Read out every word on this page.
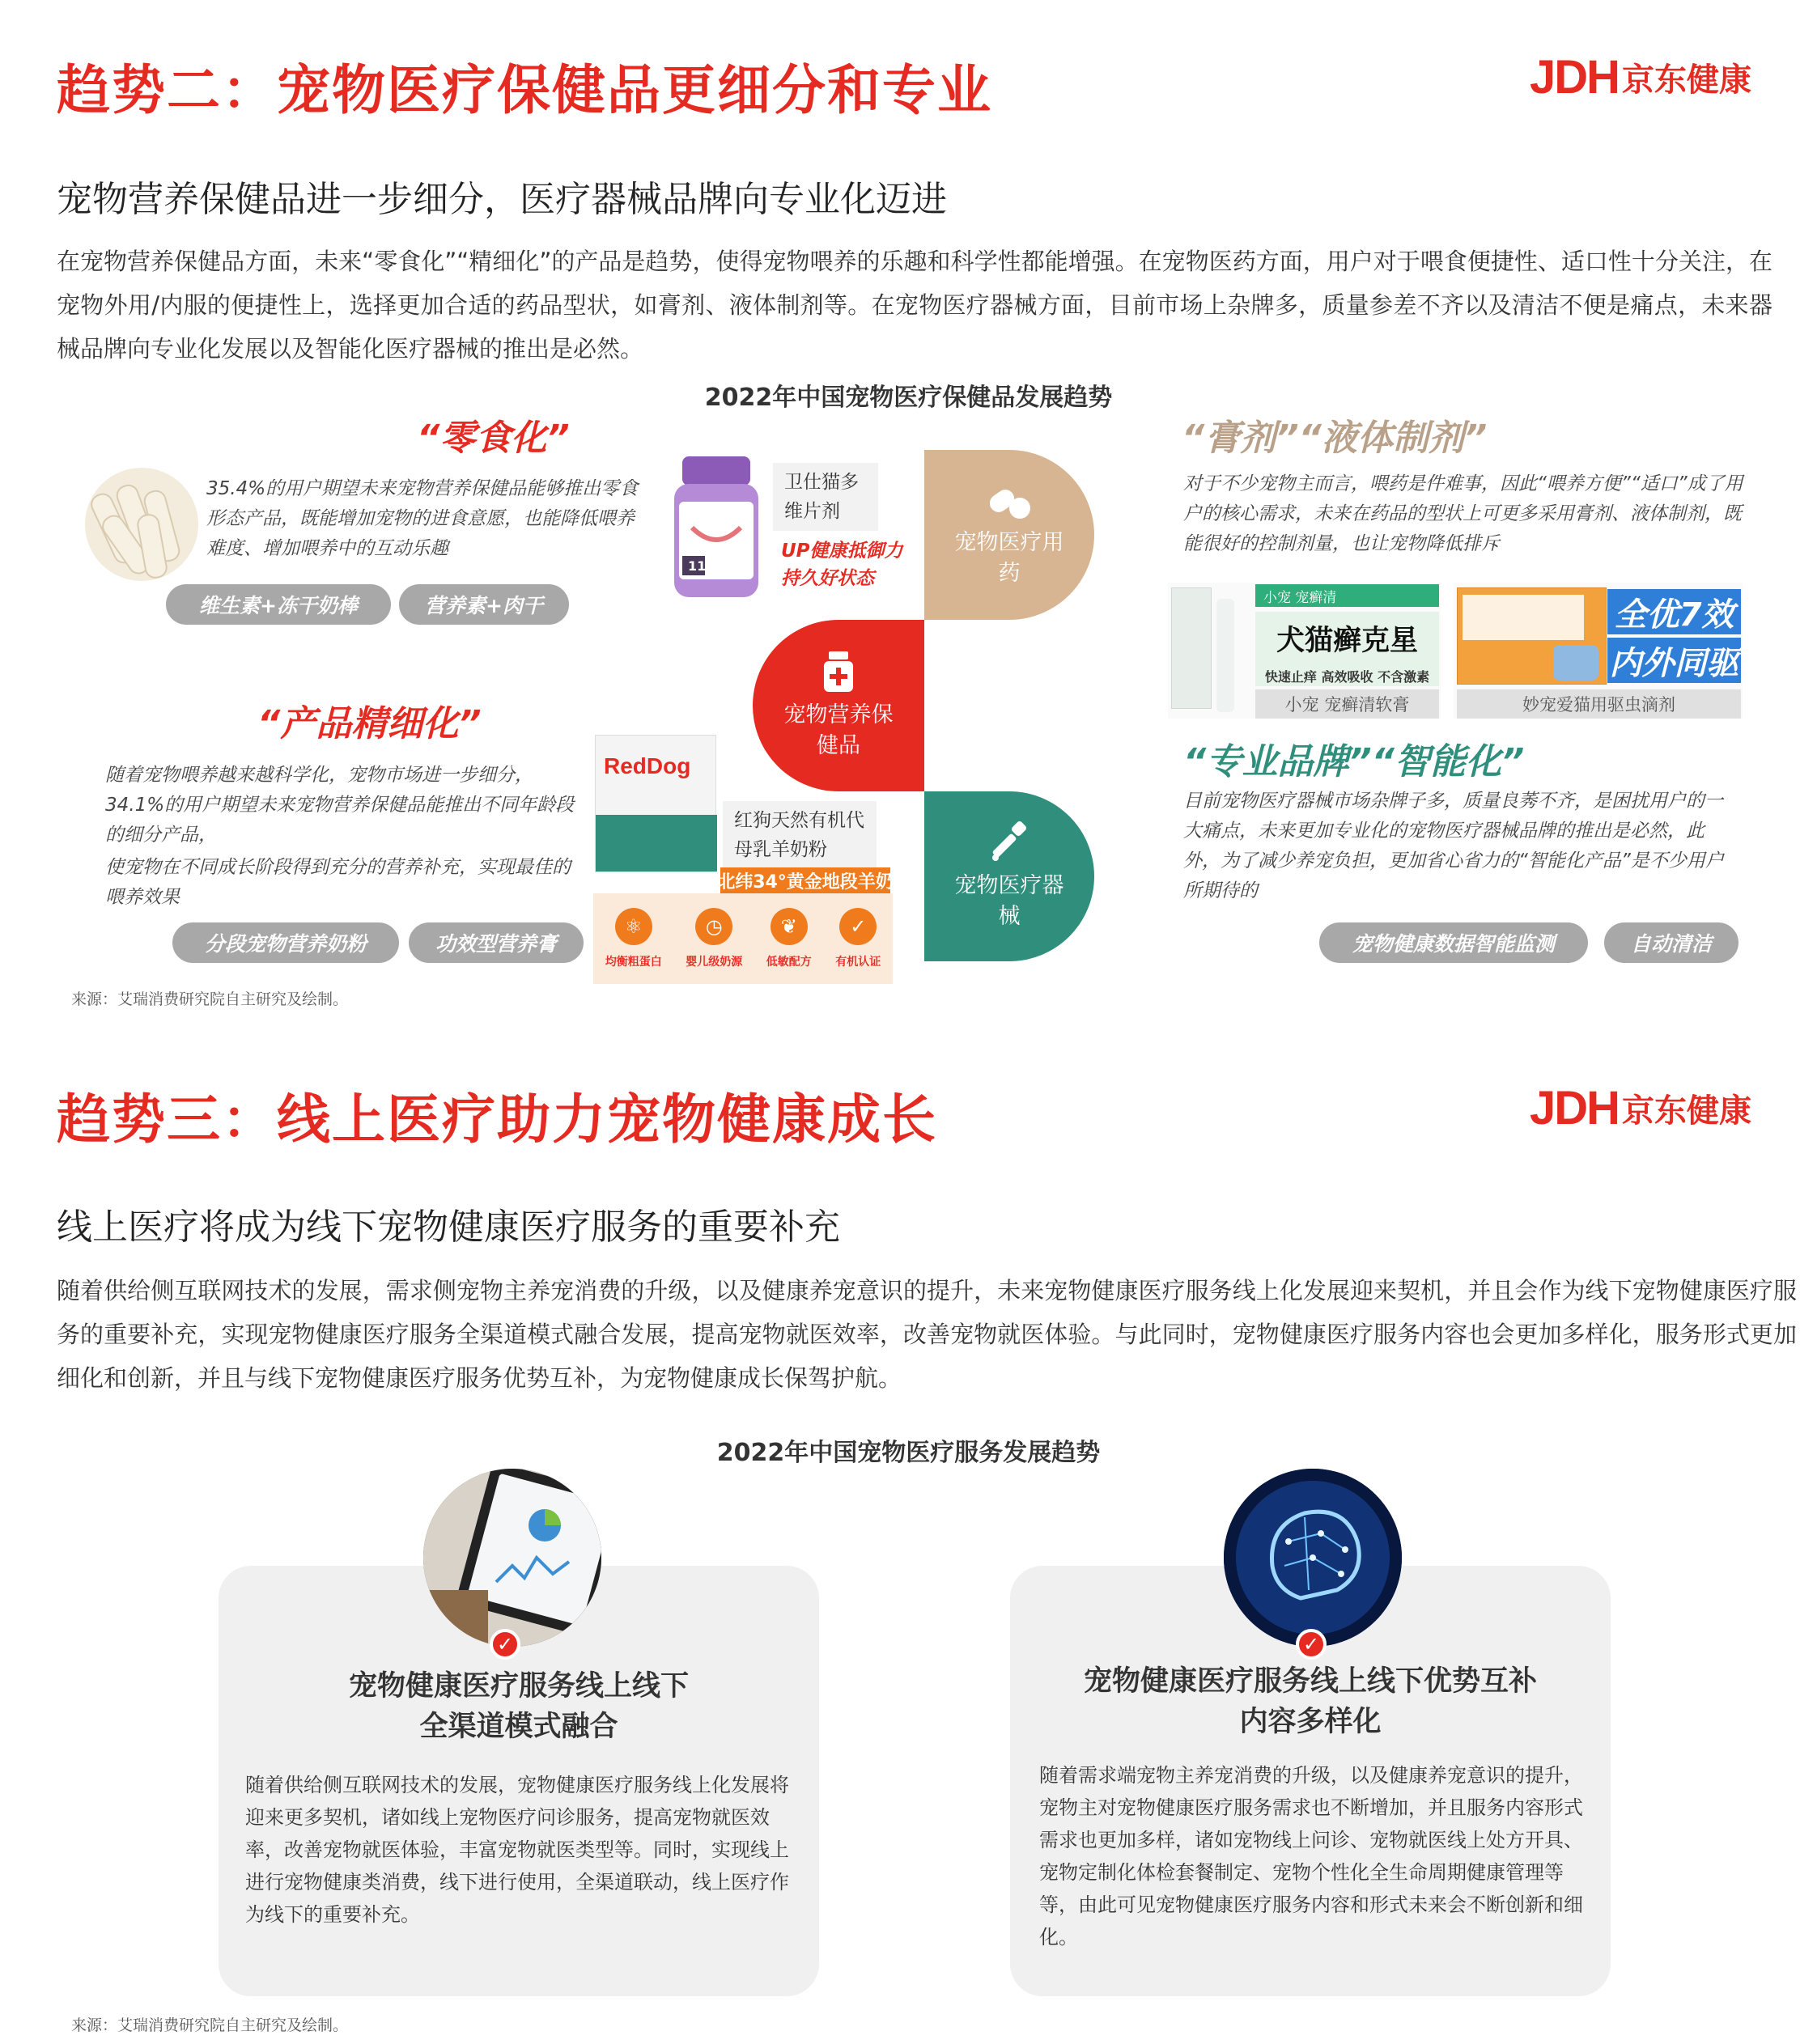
趋势二：宠物医疗保健品更细分和专业	JDH 京东健康
宠物营养保健品进一步细分，医疗器械品牌向专业化迈进
在宠物营养保健品方面，未来“零食化”“精细化”的产品是趋势，使得宠物喂养的乐趣和科学性都能增强。在宠物医药方面，用户对于喂食便捷性、适口性十分关注，在宠物外用/内服的便捷性上，选择更加合适的药品型状，如膏剂、液体制剂等。在宠物医疗器械方面，目前市场上杂牌多，质量参差不齐以及清洁不便是痛点，未来器械品牌向专业化发展以及智能化医疗器械的推出是必然。
2022年中国宠物医疗保健品发展趋势
“零食化”
35.4%的用户期望未来宠物营养保健品能够推出零食形态产品，既能增加宠物的进食意愿，也能降低喂养难度、增加喂养中的互动乐趣
维生素+冻干奶棒	营养素+肉干
11
卫仕猫多维片剂
UP健康抵御力持久好状态
宠物医疗用药
宠物营养保健品
宠物医疗器械
“产品精细化”
随着宠物喂养越来越科学化，宠物市场进一步细分，34.1%的用户期望未来宠物营养保健品能推出不同年龄段的细分产品，
使宠物在不同成长阶段得到充分的营养补充，实现最佳的喂养效果
分段宠物营养奶粉	功效型营养膏
RedDog
红狗天然有机代母乳羊奶粉
北纬34°黄金地段羊奶
⚛
均衡粗蛋白
◷
婴儿级奶源
❦
低敏配方
✓
有机认证
“膏剂”“液体制剂”
对于不少宠物主而言，喂药是件难事，因此“喂养方便”“适口”成了用户的核心需求，未来在药品的型状上可更多采用膏剂、液体制剂，既能很好的控制剂量，也让宠物降低排斥
小宠 宠癣清
犬猫癣克星
快速止痒 高效吸收 不含激素
小宠 宠癣清软膏
全优7效
内外同驱
妙宠爱猫用驱虫滴剂
“专业品牌”“智能化”
目前宠物医疗器械市场杂牌子多，质量良莠不齐，是困扰用户的一大痛点，未来更加专业化的宠物医疗器械品牌的推出是必然，此外，为了减少养宠负担，更加省心省力的“智能化产品”是不少用户所期待的
宠物健康数据智能监测	自动清洁
来源：艾瑞消费研究院自主研究及绘制。
趋势三：线上医疗助力宠物健康成长	JDH 京东健康
线上医疗将成为线下宠物健康医疗服务的重要补充
随着供给侧互联网技术的发展，需求侧宠物主养宠消费的升级，以及健康养宠意识的提升，未来宠物健康医疗服务线上化发展迎来契机，并且会作为线下宠物健康医疗服务的重要补充，实现宠物健康医疗服务全渠道模式融合发展，提高宠物就医效率，改善宠物就医体验。与此同时，宠物健康医疗服务内容也会更加多样化，服务形式更加细化和创新，并且与线下宠物健康医疗服务优势互补，为宠物健康成长保驾护航。
2022年中国宠物医疗服务发展趋势
✓
宠物健康医疗服务线上线下
全渠道模式融合
随着供给侧互联网技术的发展，宠物健康医疗服务线上化发展将迎来更多契机，诸如线上宠物医疗问诊服务，提高宠物就医效率，改善宠物就医体验，丰富宠物就医类型等。同时，实现线上进行宠物健康类消费，线下进行使用，全渠道联动，线上医疗作为线下的重要补充。
✓
宠物健康医疗服务线上线下优势互补
内容多样化
随着需求端宠物主养宠消费的升级，以及健康养宠意识的提升，宠物主对宠物健康医疗服务需求也不断增加，并且服务内容形式需求也更加多样，诸如宠物线上问诊、宠物就医线上处方开具、宠物定制化体检套餐制定、宠物个性化全生命周期健康管理等等，由此可见宠物健康医疗服务内容和形式未来会不断创新和细化。
来源：艾瑞消费研究院自主研究及绘制。
